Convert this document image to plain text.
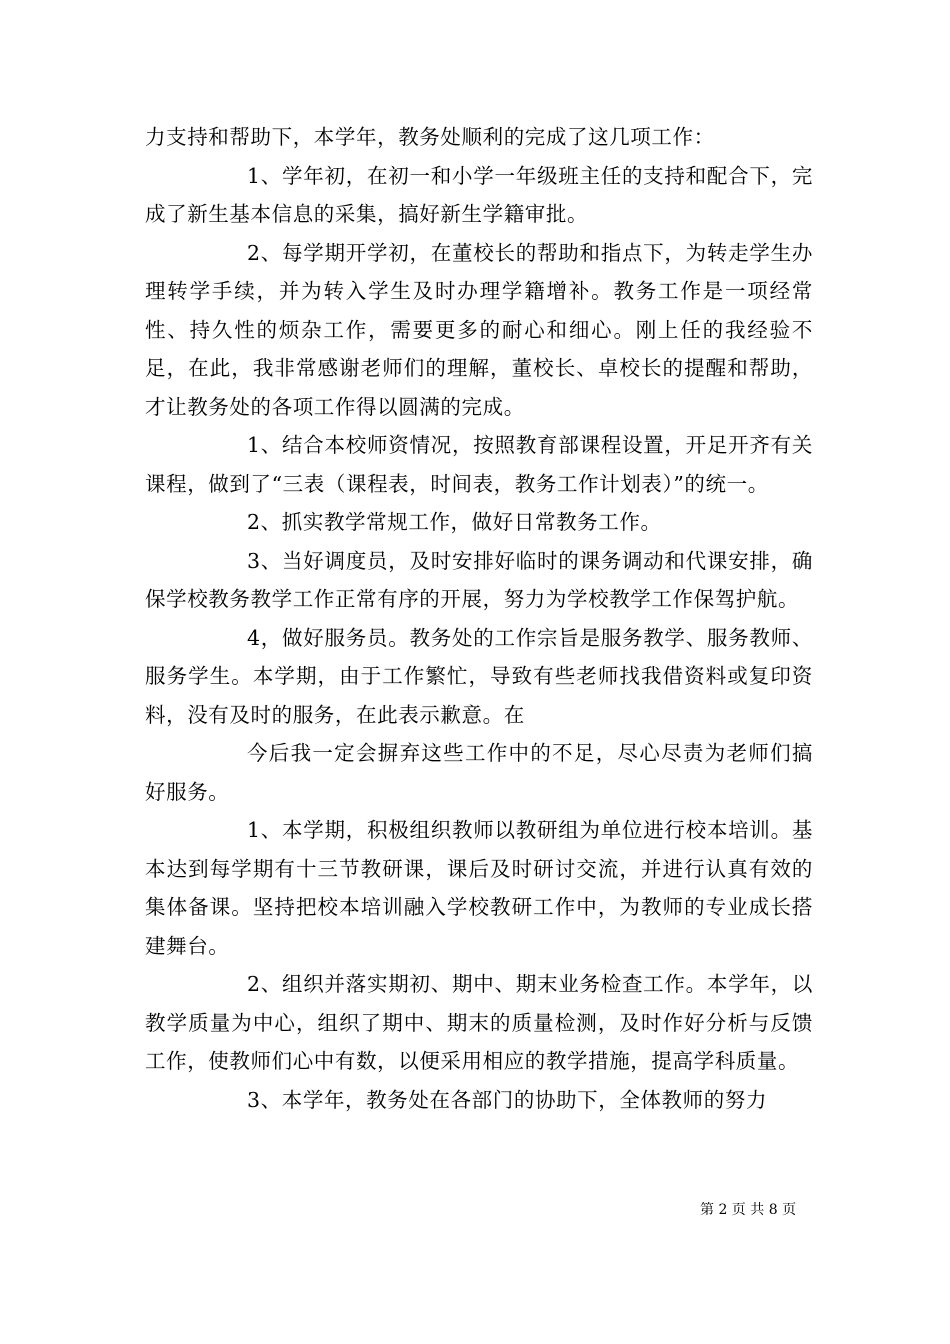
力支持和帮助下，本学年，教务处顺利的完成了这几项工作：

1、学年初，在初一和小学一年级班主任的支持和配合下，完成了新生基本信息的采集，搞好新生学籍审批。

2、每学期开学初，在董校长的帮助和指点下，为转走学生办理转学手续，并为转入学生及时办理学籍增补。教务工作是一项经常性、持久性的烦杂工作，需要更多的耐心和细心。刚上任的我经验不足，在此，我非常感谢老师们的理解，董校长、卓校长的提醒和帮助，才让教务处的各项工作得以圆满的完成。

1、结合本校师资情况，按照教育部课程设置，开足开齐有关课程，做到了“三表（课程表，时间表，教务工作计划表）”的统一。

2、抓实教学常规工作，做好日常教务工作。

3、当好调度员，及时安排好临时的课务调动和代课安排，确保学校教务教学工作正常有序的开展，努力为学校教学工作保驾护航。

4，做好服务员。教务处的工作宗旨是服务教学、服务教师、服务学生。本学期，由于工作繁忙，导致有些老师找我借资料或复印资料，没有及时的服务，在此表示歉意。在

今后我一定会摒弃这些工作中的不足，尽心尽责为老师们搞好服务。

1、本学期，积极组织教师以教研组为单位进行校本培训。基本达到每学期有十三节教研课，课后及时研讨交流，并进行认真有效的集体备课。坚持把校本培训融入学校教研工作中，为教师的专业成长搭建舞台。

2、组织并落实期初、期中、期末业务检查工作。本学年，以教学质量为中心，组织了期中、期末的质量检测，及时作好分析与反馈工作，使教师们心中有数，以便采用相应的教学措施，提高学科质量。

3、本学年，教务处在各部门的协助下，全体教师的努力

第 2 页 共 8 页
